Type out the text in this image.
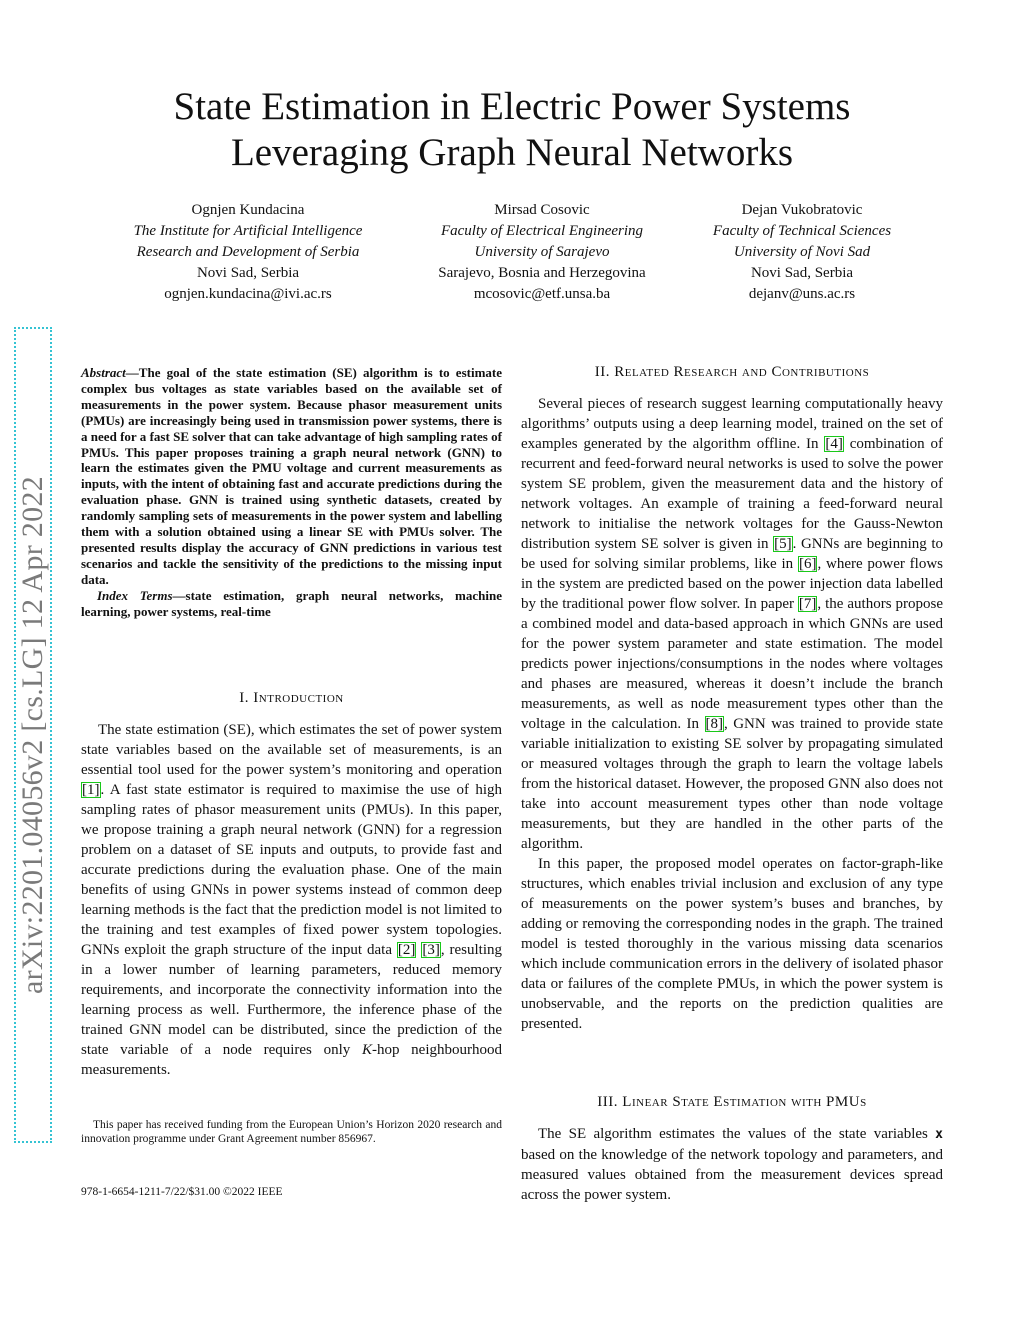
State Estimation in Electric Power Systems
Leveraging Graph Neural Networks
Ognjen Kundacina
The Institute for Artificial Intelligence
Research and Development of Serbia
Novi Sad, Serbia
ognjen.kundacina@ivi.ac.rs
Mirsad Cosovic
Faculty of Electrical Engineering
University of Sarajevo
Sarajevo, Bosnia and Herzegovina
mcosovic@etf.unsa.ba
Dejan Vukobratovic
Faculty of Technical Sciences
University of Novi Sad
Novi Sad, Serbia
dejanv@uns.ac.rs
arXiv:2201.04056v2 [cs.LG] 12 Apr 2022
Abstract—The goal of the state estimation (SE) algorithm is to estimate complex bus voltages as state variables based on the available set of measurements in the power system. Because phasor measurement units (PMUs) are increasingly being used in transmission power systems, there is a need for a fast SE solver that can take advantage of high sampling rates of PMUs. This paper proposes training a graph neural network (GNN) to learn the estimates given the PMU voltage and current measurements as inputs, with the intent of obtaining fast and accurate predictions during the evaluation phase. GNN is trained using synthetic datasets, created by randomly sampling sets of measurements in the power system and labelling them with a solution obtained using a linear SE with PMUs solver. The presented results display the accuracy of GNN predictions in various test scenarios and tackle the sensitivity of the predictions to the missing input data.
Index Terms—state estimation, graph neural networks, machine learning, power systems, real-time
I. Introduction

The state estimation (SE), which estimates the set of power system state variables based on the available set of measurements, is an essential tool used for the power system’s monitoring and operation [1]. A fast state estimator is required to maximise the use of high sampling rates of phasor measurement units (PMUs). In this paper, we propose training a graph neural network (GNN) for a regression problem on a dataset of SE inputs and outputs, to provide fast and accurate predictions during the evaluation phase. One of the main benefits of using GNNs in power systems instead of common deep learning methods is the fact that the prediction model is not limited to the training and test examples of fixed power system topologies. GNNs exploit the graph structure of the input data [2] [3], resulting in a lower number of learning parameters, reduced memory requirements, and incorporate the connectivity information into the learning process as well. Furthermore, the inference phase of the trained GNN model can be distributed, since the prediction of the state variable of a node requires only K-hop neighbourhood measurements.

This paper has received funding from the European Union’s Horizon 2020 research and innovation programme under Grant Agreement number 856967.

978-1-6654-1211-7/22/$31.00 ©2022 IEEE
II. Related Research and Contributions

Several pieces of research suggest learning computationally heavy algorithms’ outputs using a deep learning model, trained on the set of examples generated by the algorithm offline. In [4] combination of recurrent and feed-forward neural networks is used to solve the power system SE problem, given the measurement data and the history of network voltages. An example of training a feed-forward neural network to initialise the network voltages for the Gauss-Newton distribution system SE solver is given in [5]. GNNs are beginning to be used for solving similar problems, like in [6], where power flows in the system are predicted based on the power injection data labelled by the traditional power flow solver. In paper [7], the authors propose a combined model and data-based approach in which GNNs are used for the power system parameter and state estimation. The model predicts power injections/consumptions in the nodes where voltages and phases are measured, whereas it doesn’t include the branch measurements, as well as node measurement types other than the voltage in the calculation. In [8], GNN was trained to provide state variable initialization to existing SE solver by propagating simulated or measured voltages through the graph to learn the voltage labels from the historical dataset. However, the proposed GNN also does not take into account measurement types other than node voltage measurements, but they are handled in the other parts of the algorithm.

In this paper, the proposed model operates on factor-graph-like structures, which enables trivial inclusion and exclusion of any type of measurements on the power system’s buses and branches, by adding or removing the corresponding nodes in the graph. The trained model is tested thoroughly in the various missing data scenarios which include communication errors in the delivery of isolated phasor data or failures of the complete PMUs, in which the power system is unobservable, and the reports on the prediction qualities are presented.

III. Linear State Estimation with PMUs

The SE algorithm estimates the values of the state variables x based on the knowledge of the network topology and parameters, and measured values obtained from the measurement devices spread across the power system.
